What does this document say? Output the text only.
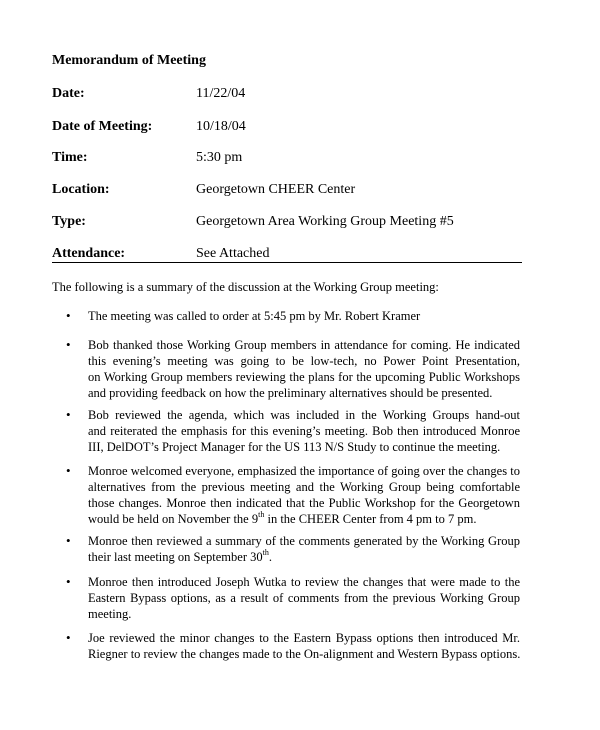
Memorandum of Meeting
Date:	11/22/04
Date of Meeting:	10/18/04
Time:	5:30 pm
Location:	Georgetown CHEER Center
Type:	Georgetown Area Working Group Meeting #5
Attendance:	See Attached
The following is a summary of the discussion at the Working Group meeting:
•	The meeting was called to order at 5:45 pm by Mr. Robert Kramer
•	Bob thanked those Working Group members in attendance for coming. He indicated
this evening’s meeting was going to be low-tech, no Power Point Presentation,
on Working Group members reviewing the plans for the upcoming Public Workshops
and providing feedback on how the preliminary alternatives should be presented.
•	Bob reviewed the agenda, which was included in the Working Groups hand-out
and reiterated the emphasis for this evening’s meeting. Bob then introduced Monroe
III, DelDOT’s Project Manager for the US 113 N/S Study to continue the meeting.
•	Monroe welcomed everyone, emphasized the importance of going over the changes to
alternatives from the previous meeting and the Working Group being comfortable
those changes. Monroe then indicated that the Public Workshop for the Georgetown
would be held on November the 9th in the CHEER Center from 4 pm to 7 pm.
•	Monroe then reviewed a summary of the comments generated by the Working Group
their last meeting on September 30th.
•	Monroe then introduced Joseph Wutka to review the changes that were made to the
Eastern Bypass options, as a result of comments from the previous Working Group
meeting.
•	Joe reviewed the minor changes to the Eastern Bypass options then introduced Mr.
Riegner to review the changes made to the On-alignment and Western Bypass options.
